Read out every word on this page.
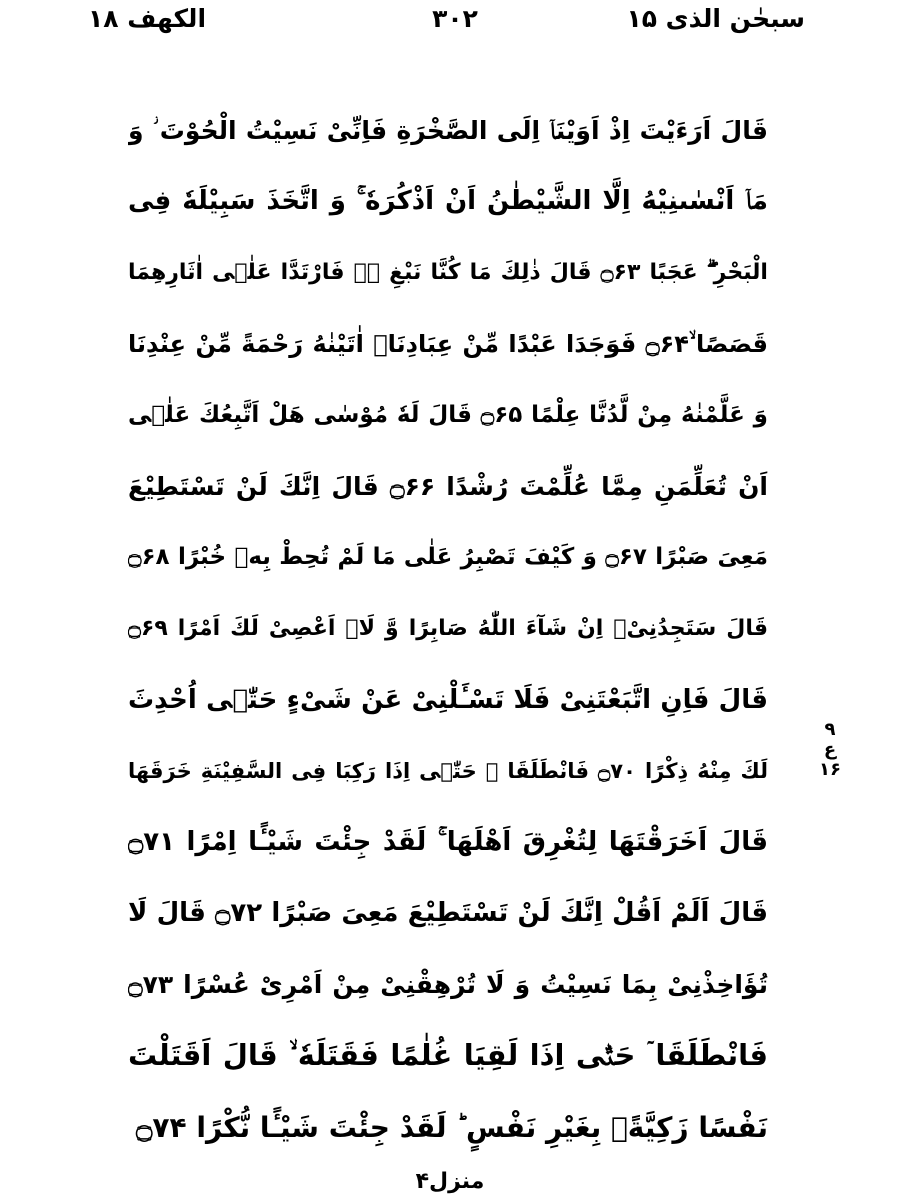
الکھف ۱۸	۳۰۲	سبحٰن الذی ۱۵
قَالَ اَرَءَیْتَ اِذْ اَوَیْنَاۤ اِلَی الصَّخْرَةِ فَاِنِّیْ نَسِیْتُ الْحُوْتَ ؗ وَ
مَاۤ اَنْسٰىنِیْهُ اِلَّا الشَّیْطٰنُ اَنْ اَذْكُرَهٗ ۚ وَ اتَّخَذَ سَبِیْلَهٗ فِی
الْبَحْرِ ۖۗ عَجَبًا ۝۶۳ قَالَ ذٰلِكَ مَا كُنَّا نَبْغِ ۖۗ فَارْتَدَّا عَلٰۤی اٰثَارِهِمَا
قَصَصًا ۙ۝۶۴ فَوَجَدَا عَبْدًا مِّنْ عِبَادِنَاۤ اٰتَیْنٰهُ رَحْمَةً مِّنْ عِنْدِنَا
وَ عَلَّمْنٰهُ مِنْ لَّدُنَّا عِلْمًا ۝۶۵ قَالَ لَهٗ مُوْسٰی هَلْ اَتَّبِعُكَ عَلٰۤی
اَنْ تُعَلِّمَنِ مِمَّا عُلِّمْتَ رُشْدًا ۝۶۶ قَالَ اِنَّكَ لَنْ تَسْتَطِیْعَ
مَعِیَ صَبْرًا ۝۶۷ وَ كَیْفَ تَصْبِرُ عَلٰی مَا لَمْ تُحِطْ بِهٖ خُبْرًا ۝۶۸
قَالَ سَتَجِدُنِیْۤ اِنْ شَآءَ اللّٰهُ صَابِرًا وَّ لَاۤ اَعْصِیْ لَكَ اَمْرًا ۝۶۹
قَالَ فَاِنِ اتَّبَعْتَنِیْ فَلَا تَسْـَٔلْنِیْ عَنْ شَیْءٍ حَتّٰۤی اُحْدِثَ
لَكَ مِنْهُ ذِكْرًا ۝۷۰ فَانْطَلَقَا ٙ حَتّٰۤی اِذَا رَكِبَا فِی السَّفِیْنَةِ خَرَقَهَا
قَالَ اَخَرَقْتَهَا لِتُغْرِقَ اَهْلَهَا ۚ لَقَدْ جِئْتَ شَیْـًٔا اِمْرًا ۝۷۱
قَالَ اَلَمْ اَقُلْ اِنَّكَ لَنْ تَسْتَطِیْعَ مَعِیَ صَبْرًا ۝۷۲ قَالَ لَا
تُؤَاخِذْنِیْ بِمَا نَسِیْتُ وَ لَا تُرْهِقْنِیْ مِنْ اَمْرِیْ عُسْرًا ۝۷۳
فَانْطَلَقَا ٙ حَتّٰۤی اِذَا لَقِیَا غُلٰمًا فَقَتَلَهٗ ۙ قَالَ اَقَتَلْتَ
نَفْسًا زَكِیَّةًۢ بِغَیْرِ نَفْسٍ ؕ لَقَدْ جِئْتَ شَیْـًٔا نُّكْرًا ۝۷۴
۹
ع
۱۶
منزل۴
